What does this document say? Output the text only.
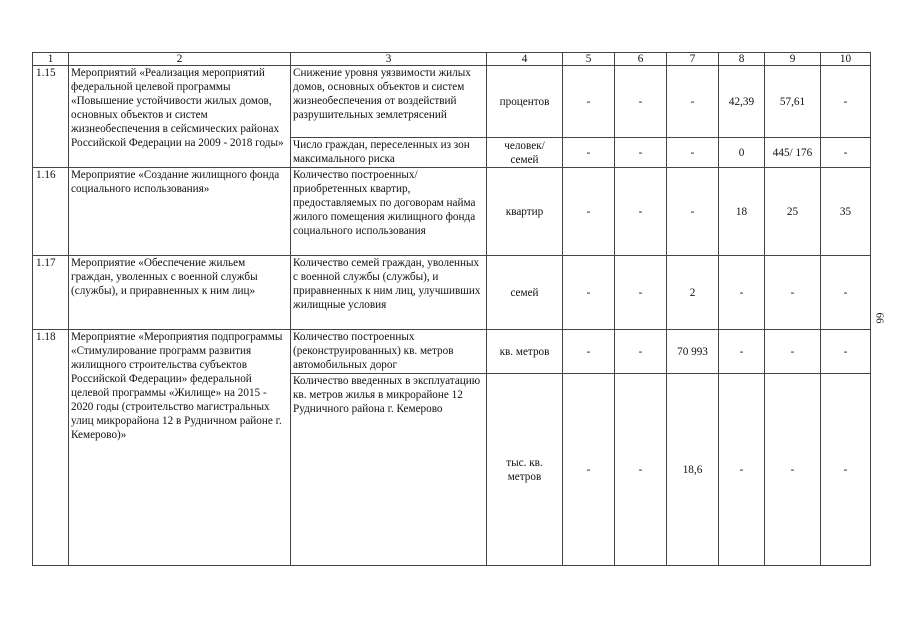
1	2	3	4	5	6	7	8	9	10
1.15	Мероприятий «Реализация мероприятий федеральной целевой программы «Повышение устойчивости жилых домов, основных объектов и систем жизнеобеспечения в сейсмических районах Российской Федерации на 2009 - 2018 годы»	Снижение уровня уязвимости жилых домов, основных объектов и систем жизнеобеспечения от воздействий разрушительных землетрясений	процентов	-	-	-	42,39	57,61	-
		Число граждан, переселенных из зон максимального риска	человек/ семей	-	-	-	0	445/ 176	-
1.16	Мероприятие «Создание жилищного фонда социального использования»	Количество построенных/ приобретенных квартир, предоставляемых по договорам найма жилого помещения жилищного фонда социального использования	квартир	-	-	-	18	25	35
1.17	Мероприятие «Обеспечение жильем граждан, уволенных с военной службы (службы), и приравненных к ним лиц»	Количество семей граждан, уволенных с военной службы (службы), и приравненных к ним лиц, улучшивших жилищные условия	семей	-	-	2	-	-	-
1.18	Мероприятие «Мероприятия подпрограммы «Стимулирование программ развития жилищного строительства субъектов Российской Федерации» федеральной целевой программы «Жилище» на 2015 - 2020 годы (строительство магистральных улиц микрорайона 12 в Рудничном районе г. Кемерово)»	Количество построенных (реконструированных) кв. метров автомобильных дорог	кв. метров	-	-	70 993	-	-	-
		Количество введенных в эксплуатацию кв. метров жилья в микрорайоне 12 Рудничного района г. Кемерово	тыс. кв. метров	-	-	18,6	-	-	-
66
